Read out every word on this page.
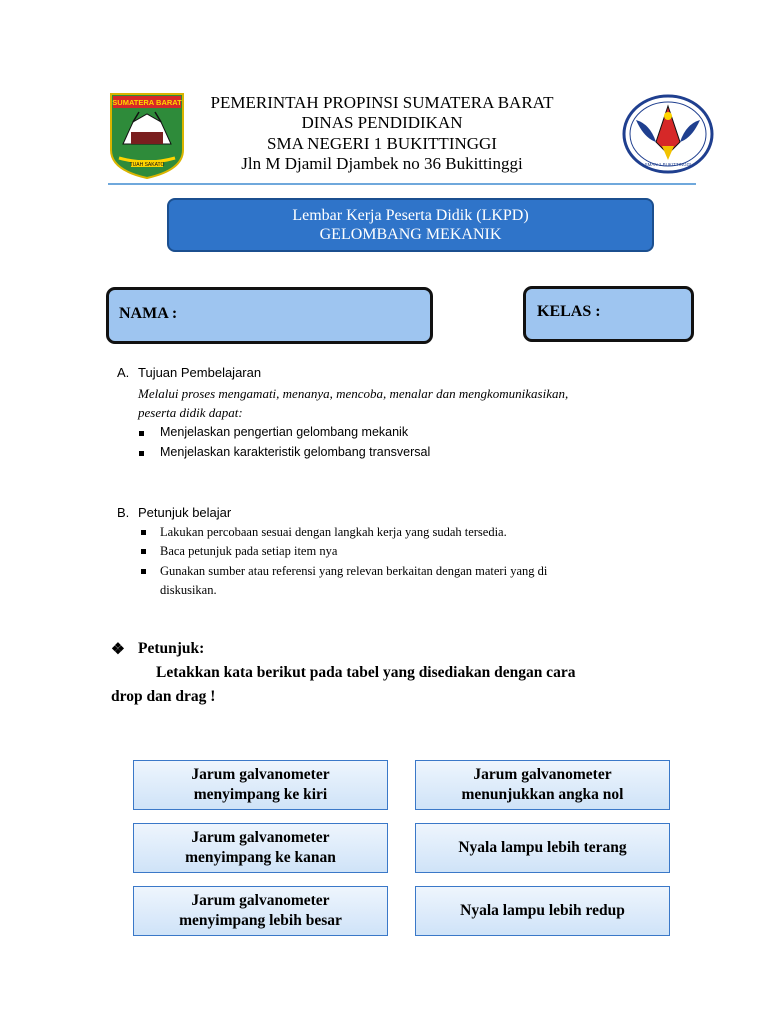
SUMATERA BARAT
TUAH SAKATO
PEMERINTAH PROPINSI SUMATERA BARAT
DINAS PENDIDIKAN
SMA NEGERI 1 BUKITTINGGI
Jln M Djamil Djambek no 36 Bukittinggi	SMAN 1 BUKITTINGGI
Lembar Kerja Peserta Didik (LKPD)
GELOMBANG MEKANIK
NAMA :	KELAS :
A. Tujuan Pembelajaran
Melalui proses mengamati, menanya, mencoba, menalar dan mengkomunikasikan,
peserta didik dapat:
Menjelaskan pengertian gelombang mekanik
Menjelaskan karakteristik gelombang transversal
B. Petunjuk belajar
Lakukan percobaan sesuai dengan langkah kerja yang sudah tersedia.
Baca petunjuk pada setiap item nya
Gunakan sumber atau referensi yang relevan berkaitan dengan materi yang di
diskusikan.
❖ Petunjuk:
Letakkan kata berikut pada tabel yang disediakan dengan cara
drop dan drag !
Jarum galvanometer
menyimpang ke kiri
Jarum galvanometer
menunjukkan angka nol
Jarum galvanometer
menyimpang ke kanan
Nyala lampu lebih terang
Jarum galvanometer
menyimpang lebih besar
Nyala lampu lebih redup
